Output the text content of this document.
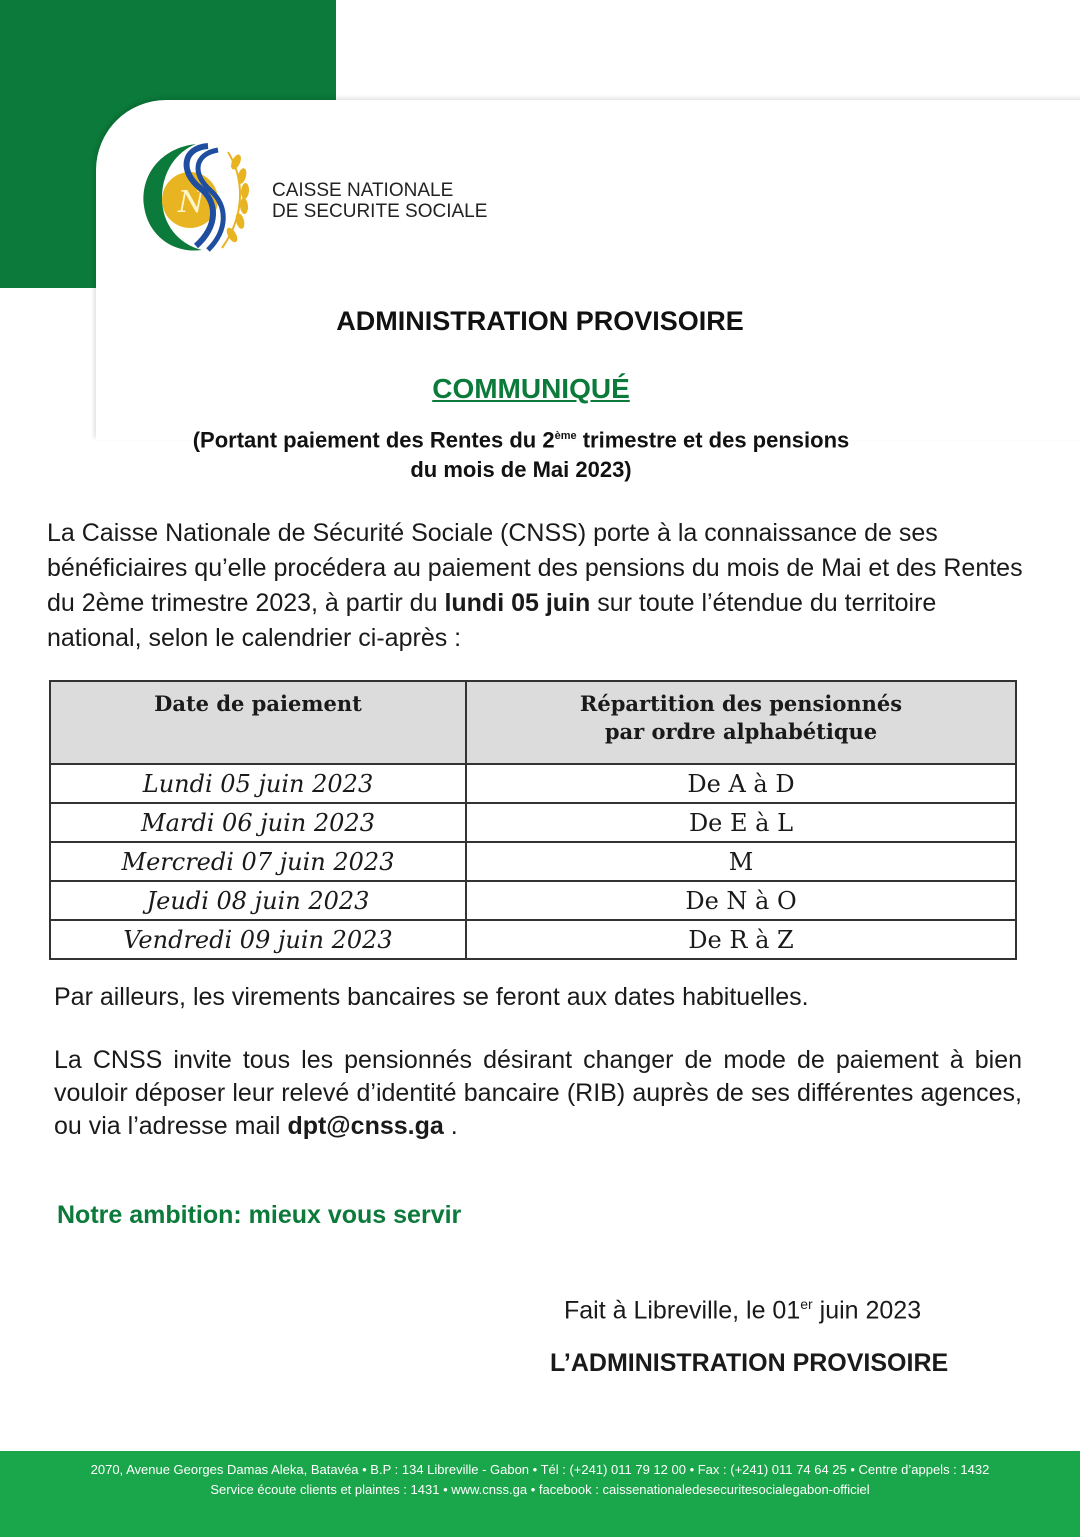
N	CAISSE NATIONALE
DE SECURITE SOCIALE
ADMINISTRATION PROVISOIRE
COMMUNIQUÉ
(Portant paiement des Rentes du 2ème trimestre et des pensions
du mois de Mai 2023)
La Caisse Nationale de Sécurité Sociale (CNSS) porte à la connaissance de ses bénéficiaires qu’elle procédera au paiement des pensions du mois de Mai et des Rentes du 2ème trimestre 2023, à partir du lundi 05 juin sur toute l’étendue du territoire national, selon le calendrier ci-après :
Date de paiement	Répartition des pensionnés
par ordre alphabétique
Lundi 05 juin 2023	De A à D
Mardi 06 juin 2023	De E à L
Mercredi 07 juin 2023	M
Jeudi 08 juin 2023	De N à O
Vendredi 09 juin 2023	De R à Z
Par ailleurs, les virements bancaires se feront aux dates habituelles.
La CNSS invite tous les pensionnés désirant changer de mode de paiement à bien vouloir déposer leur relevé d’identité bancaire (RIB) auprès de ses différentes agences, ou via l’adresse mail dpt@cnss.ga .
Notre ambition: mieux vous servir
Fait à Libreville, le 01er juin 2023
L’ADMINISTRATION PROVISOIRE
2070, Avenue Georges Damas Aleka, Batavéa • B.P : 134 Libreville - Gabon • Tél : (+241) 011 79 12 00 • Fax : (+241) 011 74 64 25 • Centre d’appels : 1432
Service écoute clients et plaintes : 1431 • www.cnss.ga • facebook : caissenationaledesecuritesocialegabon-officiel
